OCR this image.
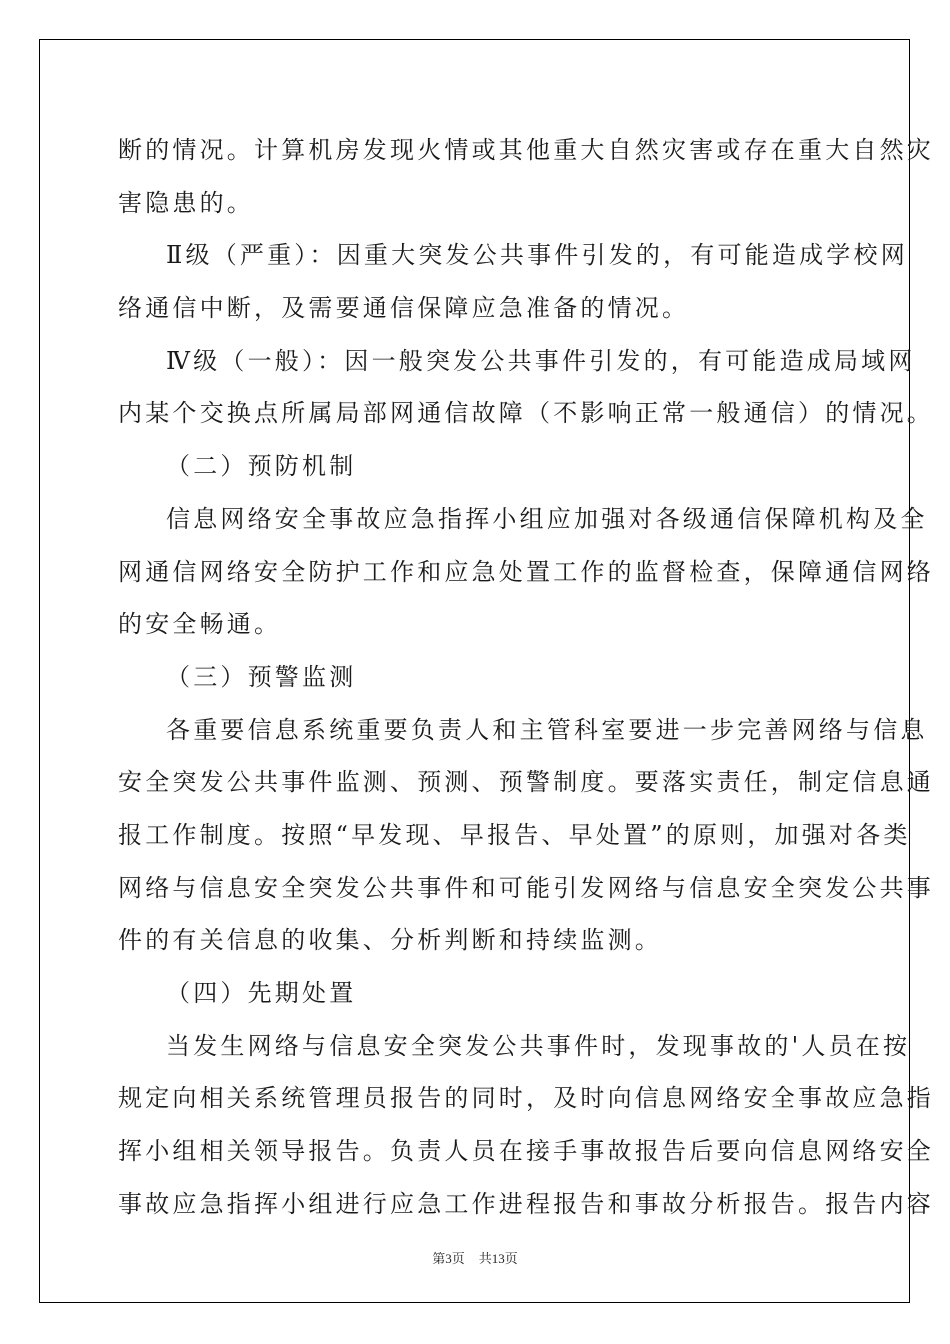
断的情况。计算机房发现火情或其他重大自然灾害或存在重大自然灾
害隐患的。
Ⅱ级（严重）：因重大突发公共事件引发的，有可能造成学校网
络通信中断，及需要通信保障应急准备的情况。
Ⅳ级（一般）：因一般突发公共事件引发的，有可能造成局域网
内某个交换点所属局部网通信故障（不影响正常一般通信）的情况。
（二）预防机制
信息网络安全事故应急指挥小组应加强对各级通信保障机构及全
网通信网络安全防护工作和应急处置工作的监督检查，保障通信网络
的安全畅通。
（三）预警监测
各重要信息系统重要负责人和主管科室要进一步完善网络与信息
安全突发公共事件监测、预测、预警制度。要落实责任，制定信息通
报工作制度。按照“早发现、早报告、早处置”的原则，加强对各类
网络与信息安全突发公共事件和可能引发网络与信息安全突发公共事
件的有关信息的收集、分析判断和持续监测。
（四）先期处置
当发生网络与信息安全突发公共事件时，发现事故的'人员在按
规定向相关系统管理员报告的同时，及时向信息网络安全事故应急指
挥小组相关领导报告。负责人员在接手事故报告后要向信息网络安全
事故应急指挥小组进行应急工作进程报告和事故分析报告。报告内容
第3页 共13页
